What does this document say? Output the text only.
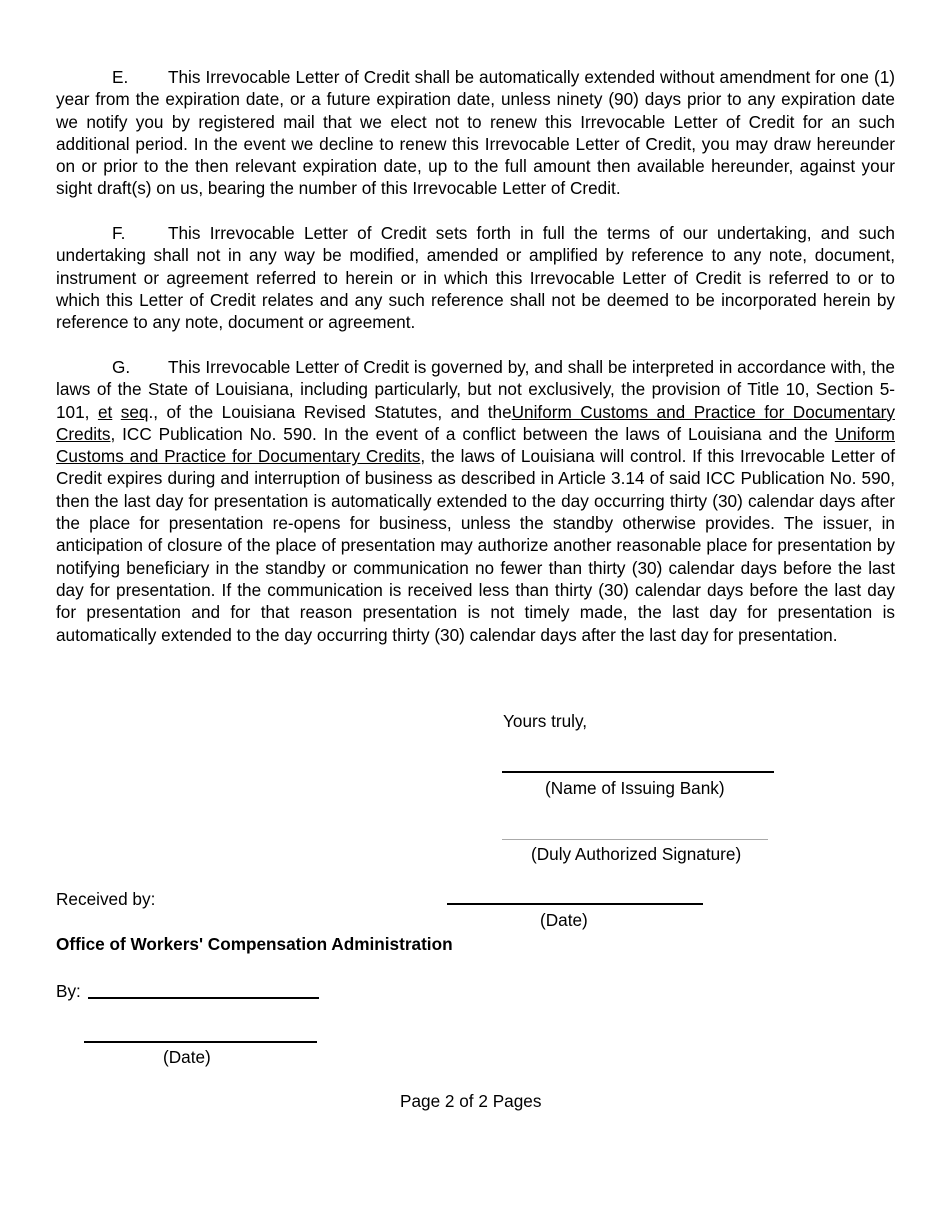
E. This Irrevocable Letter of Credit shall be automatically extended without amendment for one (1) year from the expiration date, or a future expiration date, unless ninety (90) days prior to any expiration date we notify you by registered mail that we elect not to renew this Irrevocable Letter of Credit for an such additional period. In the event we decline to renew this Irrevocable Letter of Credit, you may draw hereunder on or prior to the then relevant expiration date, up to the full amount then available hereunder, against your sight draft(s) on us, bearing the number of this Irrevocable Letter of Credit.

F. This Irrevocable Letter of Credit sets forth in full the terms of our undertaking, and such undertaking shall not in any way be modified, amended or amplified by reference to any note, document, instrument or agreement referred to herein or in which this Irrevocable Letter of Credit is referred to or to which this Letter of Credit relates and any such reference shall not be deemed to be incorporated herein by reference to any note, document or agreement.

G. This Irrevocable Letter of Credit is governed by, and shall be interpreted in accordance with, the laws of the State of Louisiana, including particularly, but not exclusively, the provision of Title 10, Section 5-101, et seq., of the Louisiana Revised Statutes, and theUniform Customs and Practice for Documentary Credits, ICC Publication No. 590. In the event of a conflict between the laws of Louisiana and the Uniform Customs and Practice for Documentary Credits, the laws of Louisiana will control. If this Irrevocable Letter of Credit expires during and interruption of business as described in Article 3.14 of said ICC Publication No. 590, then the last day for presentation is automatically extended to the day occurring thirty (30) calendar days after the place for presentation re-opens for business, unless the standby otherwise provides. The issuer, in anticipation of closure of the place of presentation may authorize another reasonable place for presentation by notifying beneficiary in the standby or communication no fewer than thirty (30) calendar days before the last day for presentation. If the communication is received less than thirty (30) calendar days before the last day for presentation and for that reason presentation is not timely made, the last day for presentation is automatically extended to the day occurring thirty (30) calendar days after the last day for presentation.

Yours truly,
(Name of Issuing Bank)
(Duly Authorized Signature)
Received by:
(Date)
Office of Workers' Compensation Administration
By:
(Date)
Page 2 of 2 Pages
